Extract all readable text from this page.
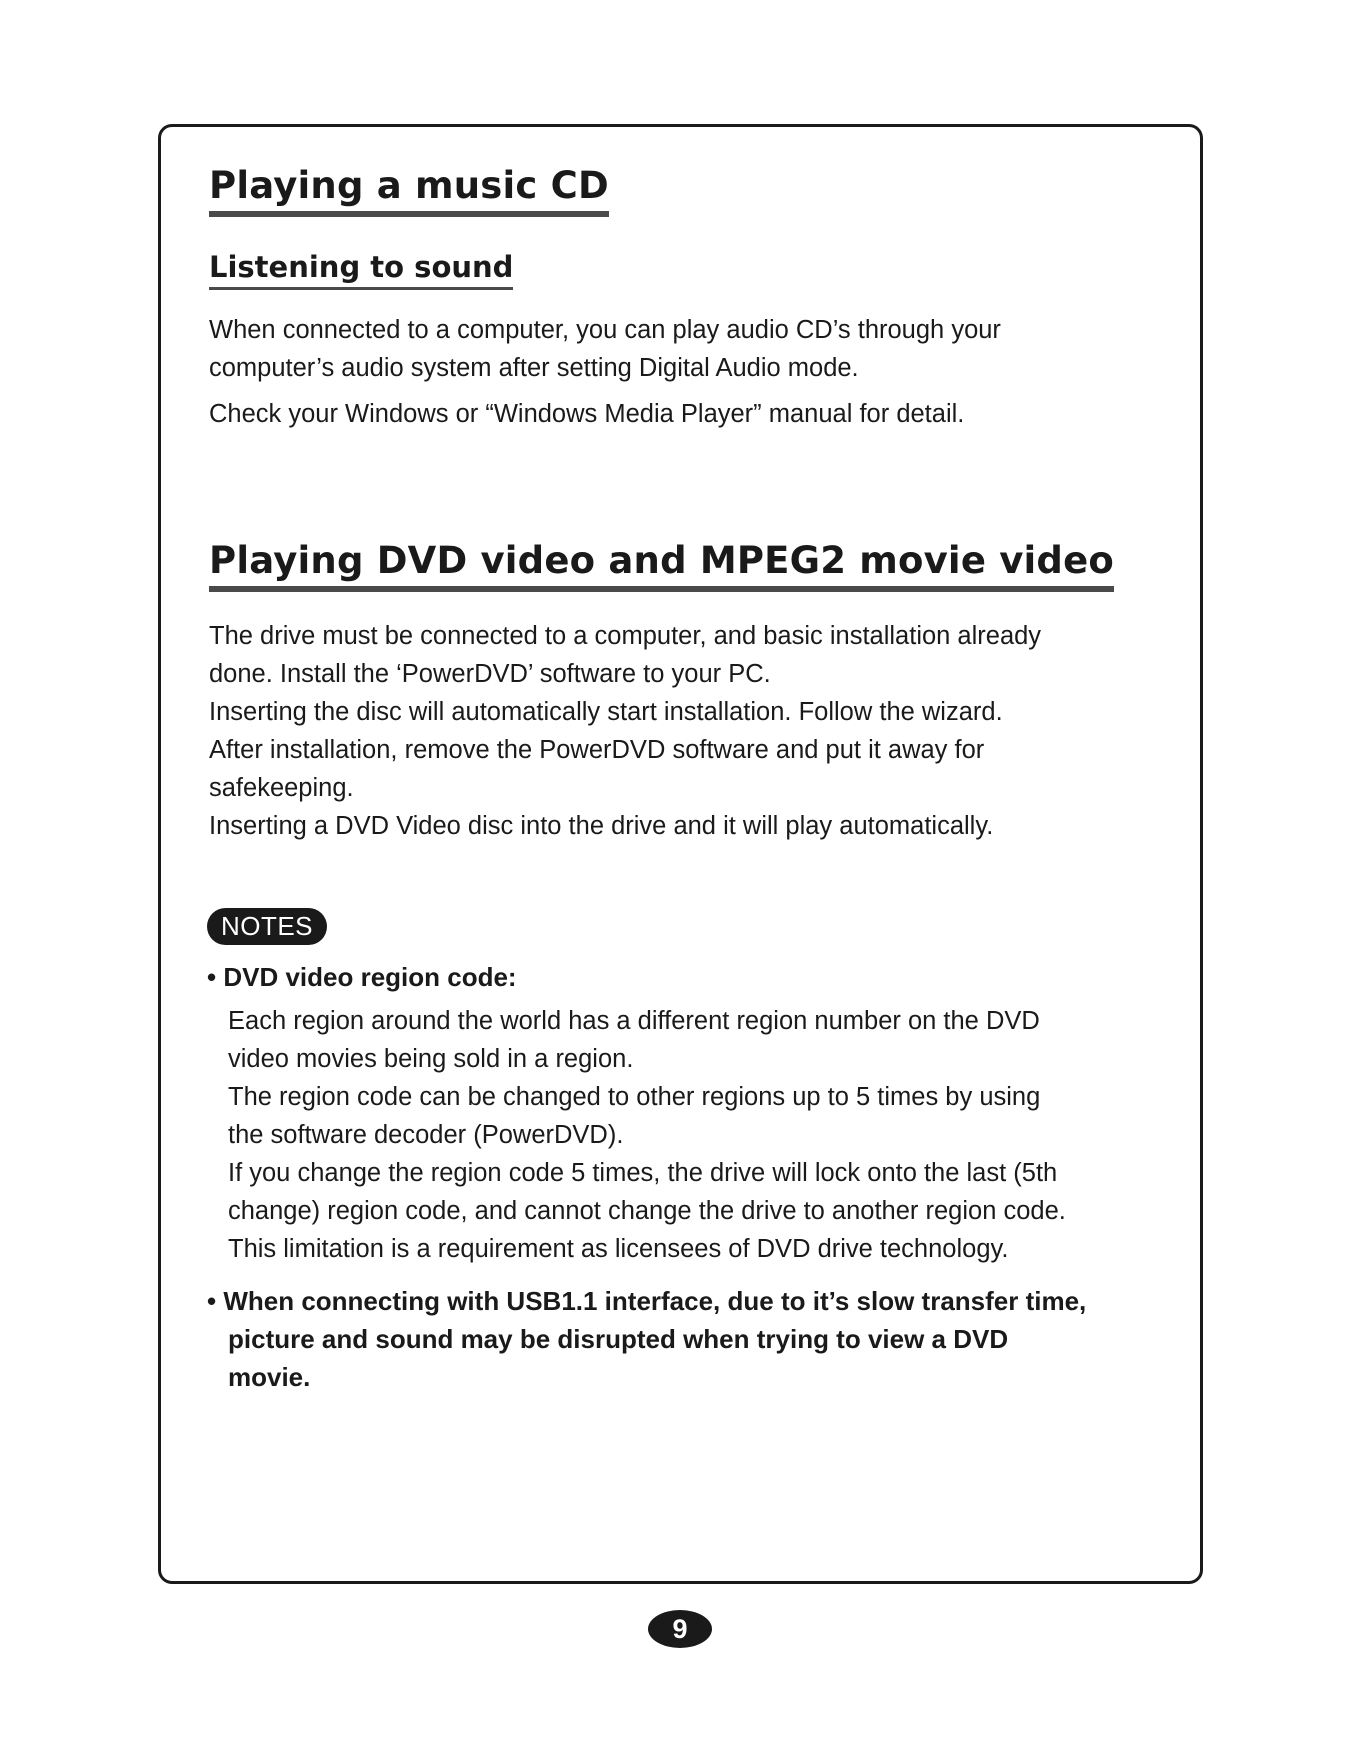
Playing a music CD
Listening to sound
When connected to a computer, you can play audio CD’s through your
computer’s audio system after setting Digital Audio mode.
Check your Windows or “Windows Media Player” manual for detail.
Playing DVD video and MPEG2 movie video
The drive must be connected to a computer, and basic installation already
done. Install the ‘PowerDVD’ software to your PC.
Inserting the disc will automatically start installation. Follow the wizard.
After installation, remove the PowerDVD software and put it away for
safekeeping.
Inserting a DVD Video disc into the drive and it will play automatically.
NOTES
• DVD video region code:
Each region around the world has a different region number on the DVD
video movies being sold in a region.
The region code can be changed to other regions up to 5 times by using
the software decoder (PowerDVD).
If you change the region code 5 times, the drive will lock onto the last (5th
change) region code, and cannot change the drive to another region code.
This limitation is a requirement as licensees of DVD drive technology.
• When connecting with USB1.1 interface, due to it’s slow transfer time,
picture and sound may be disrupted when trying to view a DVD
movie.
9
